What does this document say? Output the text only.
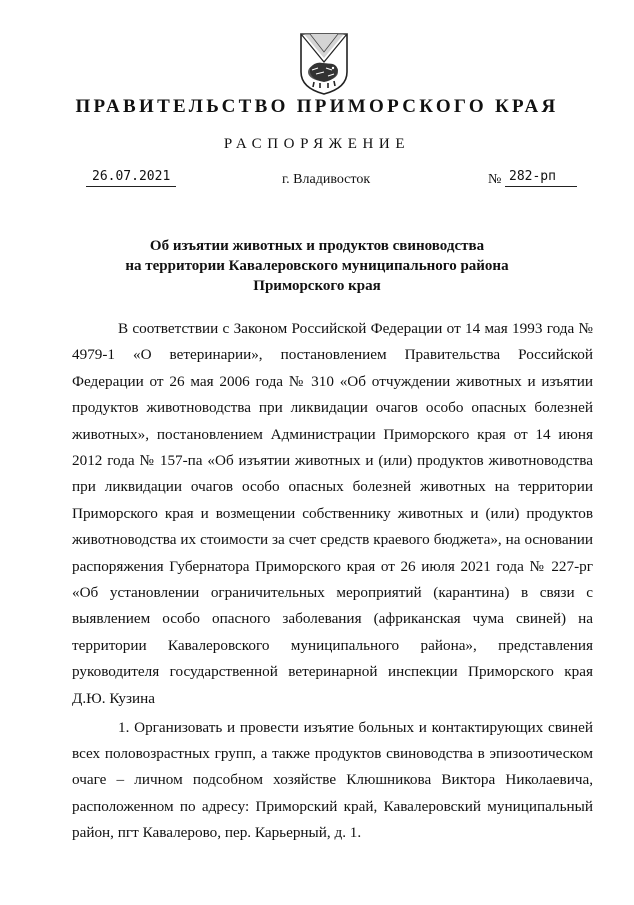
ПРАВИТЕЛЬСТВО ПРИМОРСКОГО КРАЯ
РАСПОРЯЖЕНИЕ
26.07.2021	г. Владивосток	№ 282-рп
Об изъятии животных и продуктов свиноводства
на территории Кавалеровского муниципального района
Приморского края

В соответствии с Законом Российской Федерации от 14 мая 1993 года № 4979-1 «О ветеринарии», постановлением Правительства Российской Федерации от 26 мая 2006 года № 310 «Об отчуждении животных и изъятии продуктов животноводства при ликвидации очагов особо опасных болезней животных», постановлением Администрации Приморского края от 14 июня 2012 года № 157-па «Об изъятии животных и (или) продуктов животноводства при ликвидации очагов особо опасных болезней животных на территории Приморского края и возмещении собственнику животных и (или) продуктов животноводства их стоимости за счет средств краевого бюджета», на основании распоряжения Губернатора Приморского края от 26 июля 2021 года № 227-рг «Об установлении ограничительных мероприятий (карантина) в связи с выявлением особо опасного заболевания (африканская чума свиней) на территории Кавалеровского муниципального района», представления руководителя государственной ветеринарной инспекции Приморского края Д.Ю. Кузина

1. Организовать и провести изъятие больных и контактирующих свиней всех половозрастных групп, а также продуктов свиноводства в эпизоотическом очаге – личном подсобном хозяйстве Клюшникова Виктора Николаевича, расположенном по адресу: Приморский край, Кавалеровский муниципальный район, пгт Кавалерово, пер. Карьерный, д. 1.
